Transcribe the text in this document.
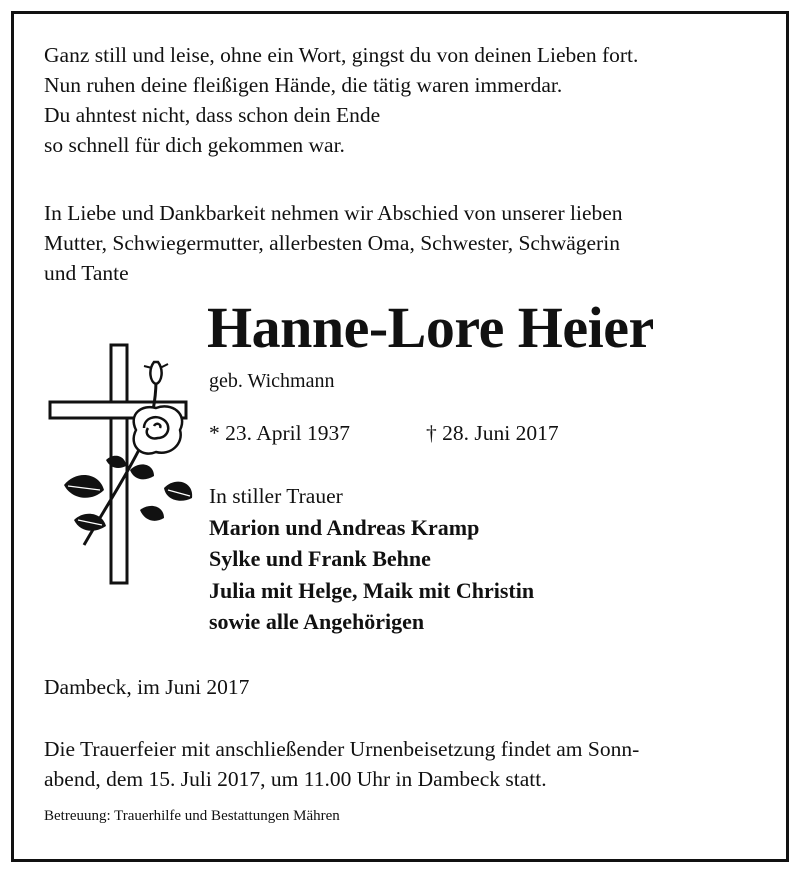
Ganz still und leise, ohne ein Wort, gingst du von deinen Lieben fort.
Nun ruhen deine fleißigen Hände, die tätig waren immerdar.
Du ahntest nicht, dass schon dein Ende
so schnell für dich gekommen war.
In Liebe und Dankbarkeit nehmen wir Abschied von unserer lieben
Mutter, Schwiegermutter, allerbesten Oma, Schwester, Schwägerin
und Tante
Hanne-Lore Heier
geb. Wichmann
* 23. April 1937	† 28. Juni 2017
In stiller Trauer
Marion und Andreas Kramp
Sylke und Frank Behne
Julia mit Helge, Maik mit Christin
sowie alle Angehörigen
Dambeck, im Juni 2017
Die Trauerfeier mit anschließender Urnenbeisetzung findet am Sonn-
abend, dem 15. Juli 2017, um 11.00 Uhr in Dambeck statt.
Betreuung: Trauerhilfe und Bestattungen Mähren
